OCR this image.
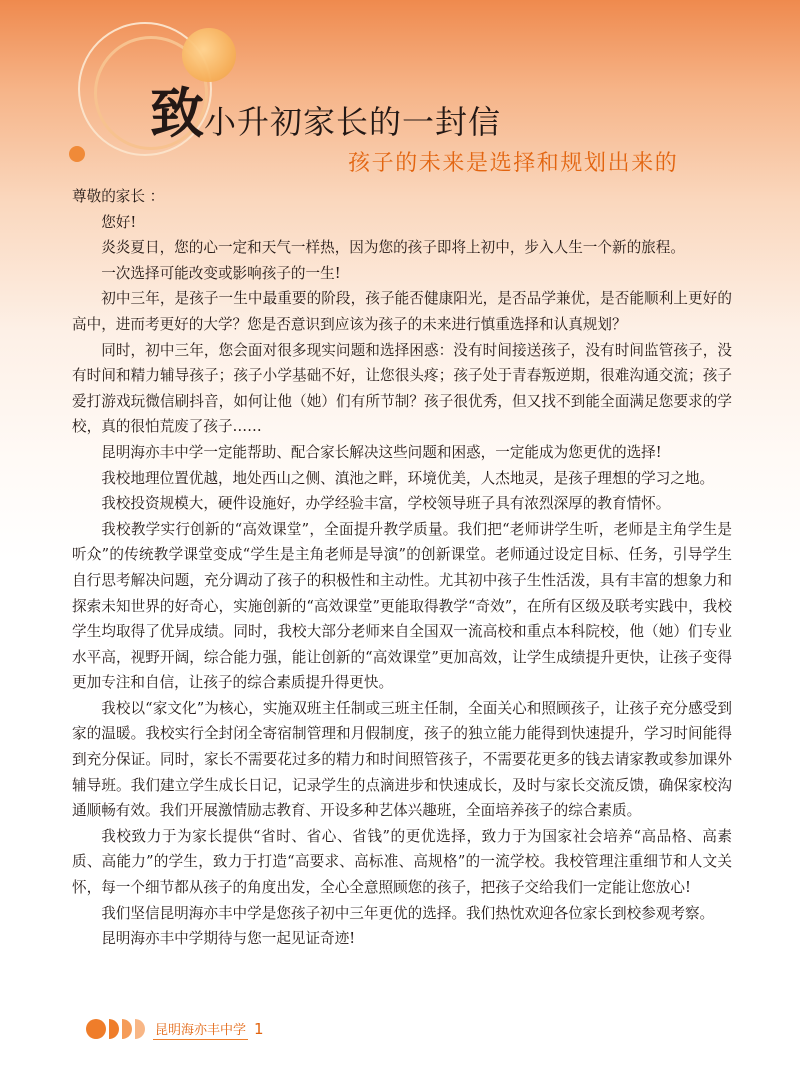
致小升初家长的一封信
孩子的未来是选择和规划出来的

尊敬的家长 ：

您好!

炎炎夏日，您的心一定和天气一样热，因为您的孩子即将上初中，步入人生一个新的旅程。

一次选择可能改变或影响孩子的一生!

初中三年，是孩子一生中最重要的阶段，孩子能否健康阳光，是否品学兼优，是否能顺利上更好的高中，进而考更好的大学？您是否意识到应该为孩子的未来进行慎重选择和认真规划？

同时，初中三年，您会面对很多现实问题和选择困惑：没有时间接送孩子，没有时间监管孩子，没有时间和精力辅导孩子；孩子小学基础不好，让您很头疼；孩子处于青春叛逆期，很难沟通交流；孩子爱打游戏玩微信刷抖音，如何让他（她）们有所节制？孩子很优秀，但又找不到能全面满足您要求的学校，真的很怕荒废了孩子……

昆明海亦丰中学一定能帮助、配合家长解决这些问题和困惑，一定能成为您更优的选择!

我校地理位置优越，地处西山之侧、滇池之畔，环境优美，人杰地灵，是孩子理想的学习之地。

我校投资规模大，硬件设施好，办学经验丰富，学校领导班子具有浓烈深厚的教育情怀。

我校教学实行创新的“高效课堂”，全面提升教学质量。我们把“老师讲学生听，老师是主角学生是听众”的传统教学课堂变成“学生是主角老师是导演”的创新课堂。老师通过设定目标、任务，引导学生自行思考解决问题，充分调动了孩子的积极性和主动性。尤其初中孩子生性活泼，具有丰富的想象力和探索未知世界的好奇心，实施创新的“高效课堂”更能取得教学“奇效”，在所有区级及联考实践中，我校学生均取得了优异成绩。同时，我校大部分老师来自全国双一流高校和重点本科院校，他（她）们专业水平高，视野开阔，综合能力强，能让创新的“高效课堂”更加高效，让学生成绩提升更快，让孩子变得更加专注和自信，让孩子的综合素质提升得更快。

我校以“家文化”为核心，实施双班主任制或三班主任制，全面关心和照顾孩子，让孩子充分感受到家的温暖。我校实行全封闭全寄宿制管理和月假制度，孩子的独立能力能得到快速提升，学习时间能得到充分保证。同时，家长不需要花过多的精力和时间照管孩子，不需要花更多的钱去请家教或参加课外辅导班。我们建立学生成长日记，记录学生的点滴进步和快速成长，及时与家长交流反馈，确保家校沟通顺畅有效。我们开展激情励志教育、开设多种艺体兴趣班，全面培养孩子的综合素质。

我校致力于为家长提供“省时、省心、省钱”的更优选择，致力于为国家社会培养“高品格、高素质、高能力”的学生，致力于打造“高要求、高标准、高规格”的一流学校。我校管理注重细节和人文关怀，每一个细节都从孩子的角度出发，全心全意照顾您的孩子，把孩子交给我们一定能让您放心!

我们坚信昆明海亦丰中学是您孩子初中三年更优的选择。我们热忱欢迎各位家长到校参观考察。

昆明海亦丰中学期待与您一起见证奇迹!

昆明海亦丰中学 1
